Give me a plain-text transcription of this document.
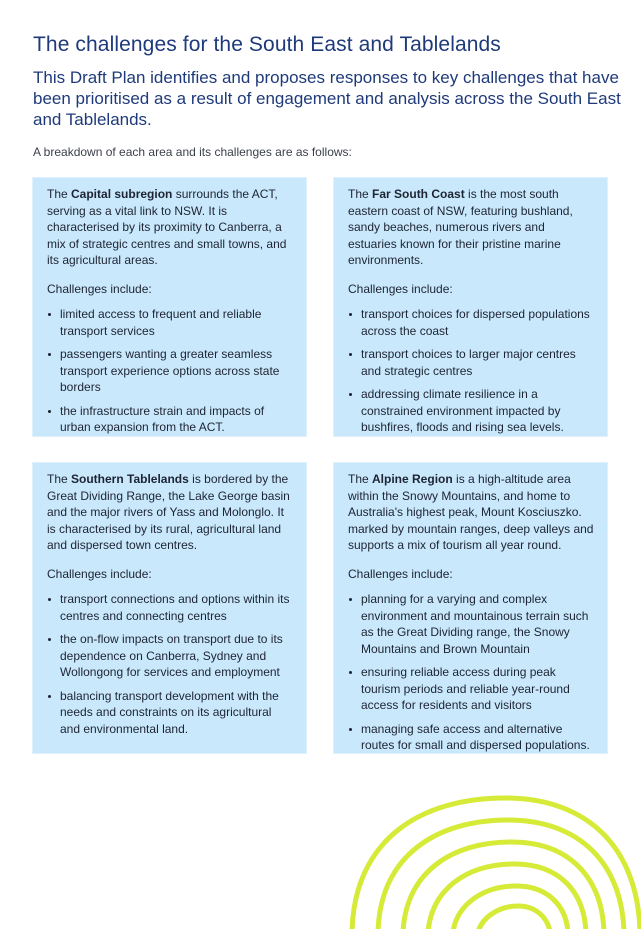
The challenges for the South East and Tablelands

This Draft Plan identifies and proposes responses to key challenges that have been prioritised as a result of engagement and analysis across the South East and Tablelands.

A breakdown of each area and its challenges are as follows:

The Capital subregion surrounds the ACT, serving as a vital link to NSW. It is characterised by its proximity to Canberra, a mix of strategic centres and small towns, and its agricultural areas.

Challenges include:

limited access to frequent and reliable transport services
passengers wanting a greater seamless transport experience options across state borders
the infrastructure strain and impacts of urban expansion from the ACT.

The Far South Coast is the most south eastern coast of NSW, featuring bushland, sandy beaches, numerous rivers and estuaries known for their pristine marine environments.

Challenges include:

transport choices for dispersed populations across the coast
transport choices to larger major centres and strategic centres
addressing climate resilience in a constrained environment impacted by bushfires, floods and rising sea levels.

The Southern Tablelands is bordered by the Great Dividing Range, the Lake George basin and the major rivers of Yass and Molonglo. It is characterised by its rural, agricultural land and dispersed town centres.

Challenges include:

transport connections and options within its centres and connecting centres
the on-flow impacts on transport due to its dependence on Canberra, Sydney and Wollongong for services and employment
balancing transport development with the needs and constraints on its agricultural and environmental land.

The Alpine Region is a high-altitude area within the Snowy Mountains, and home to Australia's highest peak, Mount Kosciuszko. marked by mountain ranges, deep valleys and supports a mix of tourism all year round.

Challenges include:

planning for a varying and complex environment and mountainous terrain such as the Great Dividing range, the Snowy Mountains and Brown Mountain
ensuring reliable access during peak tourism periods and reliable year-round access for residents and visitors
managing safe access and alternative routes for small and dispersed populations.
